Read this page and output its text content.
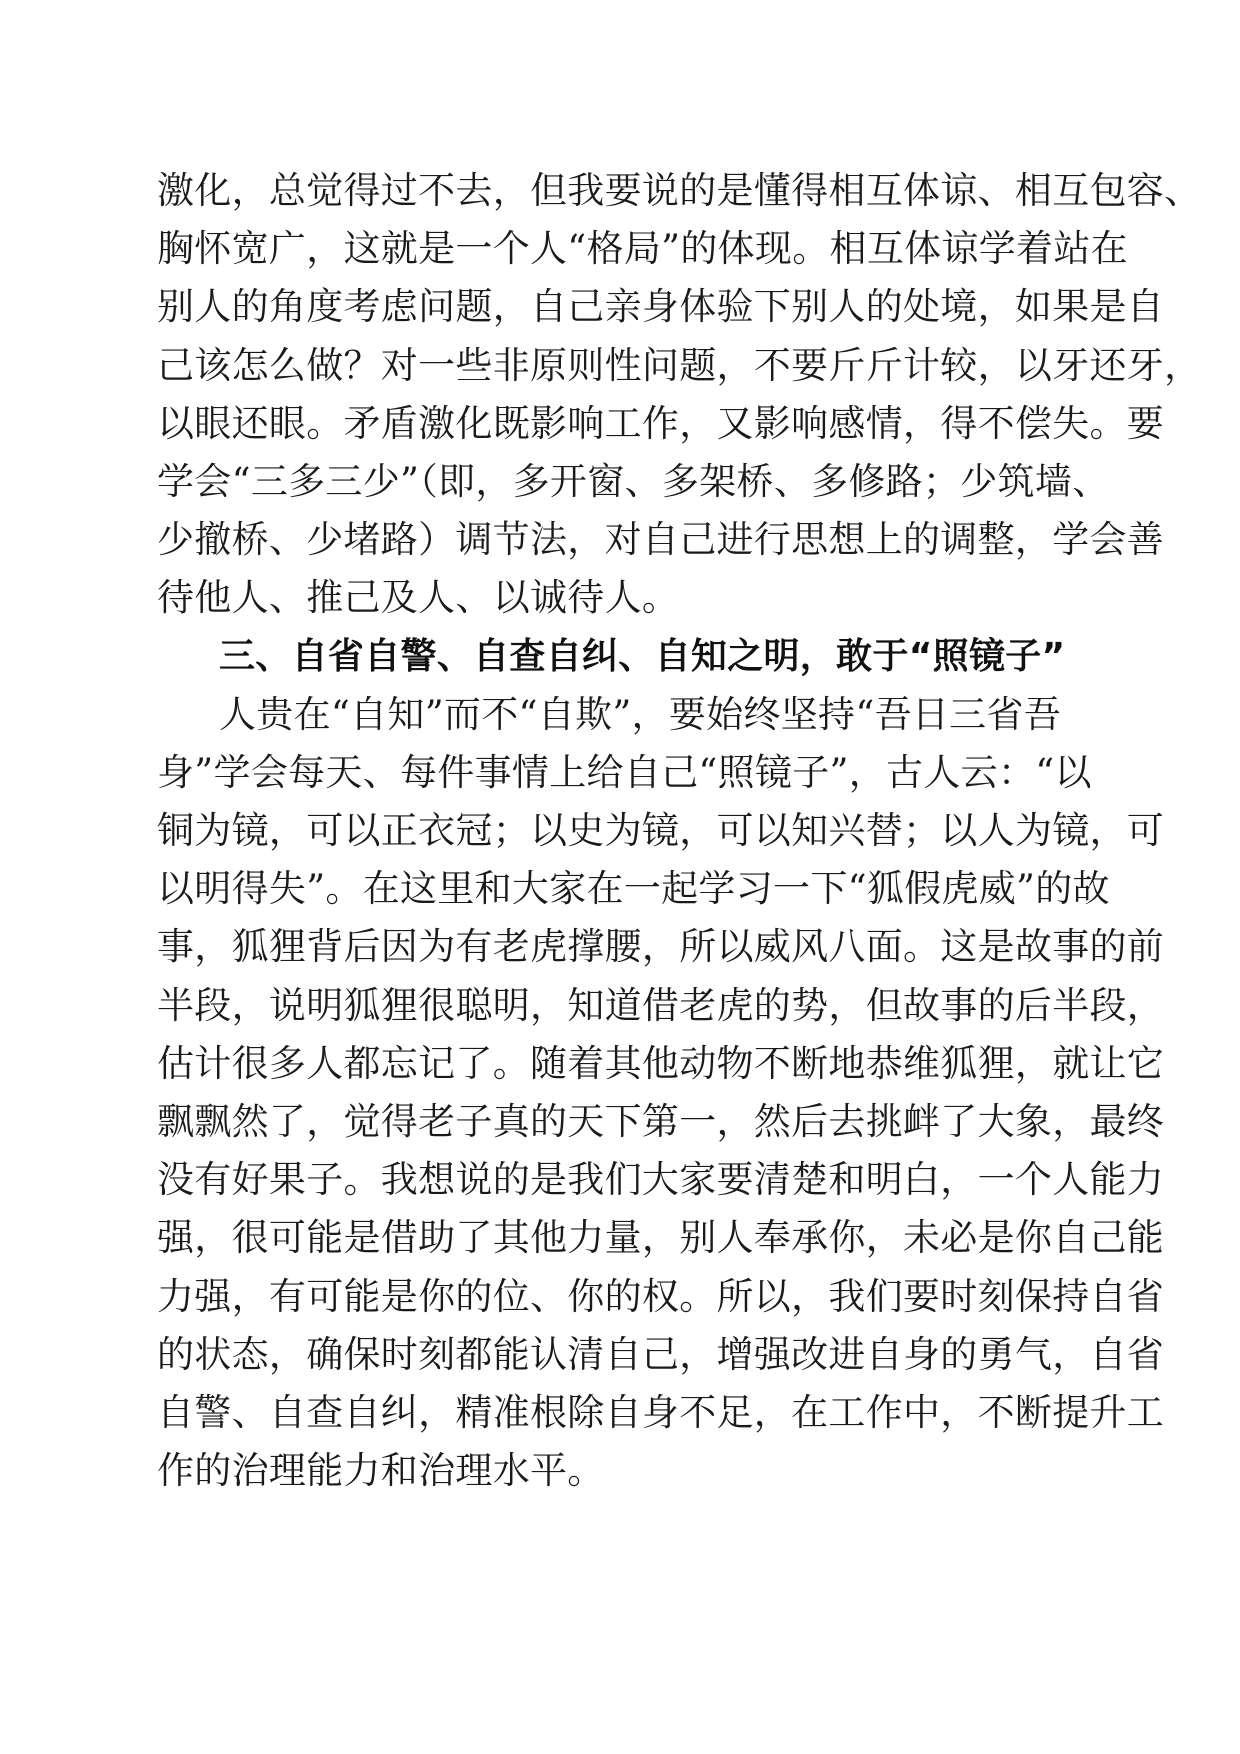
激化，总觉得过不去，但我要说的是懂得相互体谅、相互包容、
胸怀宽广，这就是一个人“格局”的体现。相互体谅学着站在
别人的角度考虑问题，自己亲身体验下别人的处境，如果是自
己该怎么做？对一些非原则性问题，不要斤斤计较，以牙还牙，
以眼还眼。矛盾激化既影响工作，又影响感情，得不偿失。要
学会“三多三少”（即，多开窗、多架桥、多修路；少筑墙、
少撤桥、少堵路）调节法，对自己进行思想上的调整，学会善
待他人、推己及人、以诚待人。
三、自省自警、自查自纠、自知之明，敢于“照镜子”
人贵在“自知”而不“自欺”，要始终坚持“吾日三省吾
身”学会每天、每件事情上给自己“照镜子”，古人云：“以
铜为镜，可以正衣冠；以史为镜，可以知兴替；以人为镜，可
以明得失”。在这里和大家在一起学习一下“狐假虎威”的故
事，狐狸背后因为有老虎撑腰，所以威风八面。这是故事的前
半段，说明狐狸很聪明，知道借老虎的势，但故事的后半段，
估计很多人都忘记了。随着其他动物不断地恭维狐狸，就让它
飘飘然了，觉得老子真的天下第一，然后去挑衅了大象，最终
没有好果子。我想说的是我们大家要清楚和明白，一个人能力
强，很可能是借助了其他力量，别人奉承你，未必是你自己能
力强，有可能是你的位、你的权。所以，我们要时刻保持自省
的状态，确保时刻都能认清自己，增强改进自身的勇气，自省
自警、自查自纠，精准根除自身不足，在工作中，不断提升工
作的治理能力和治理水平。
